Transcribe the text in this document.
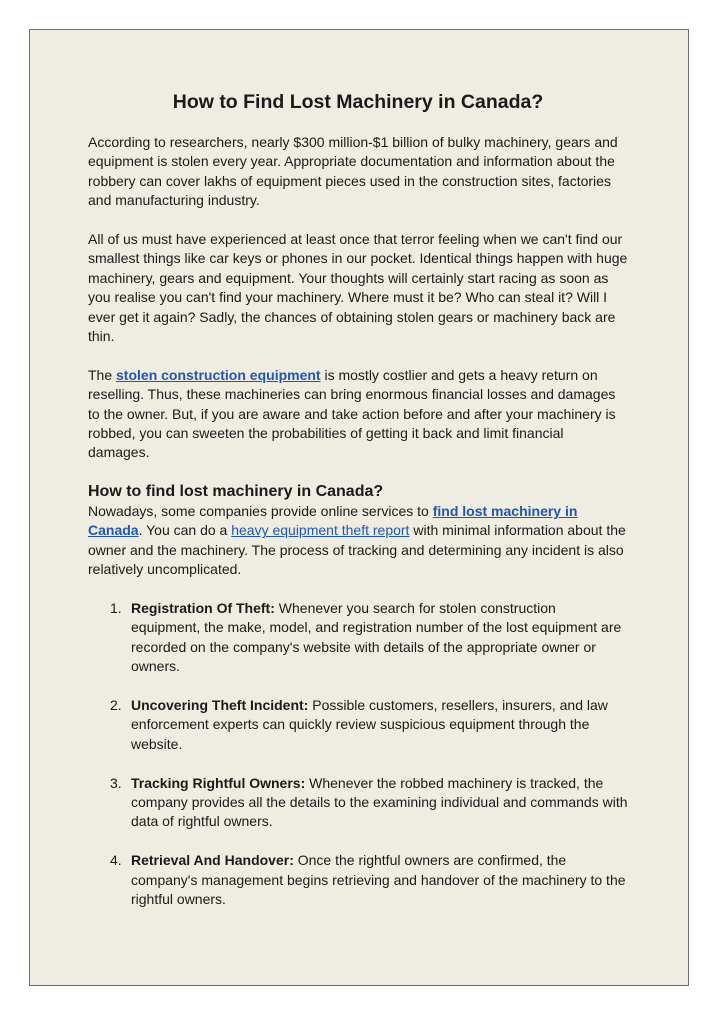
How to Find Lost Machinery in Canada?

According to researchers, nearly $300 million-$1 billion of bulky machinery, gears and equipment is stolen every year. Appropriate documentation and information about the robbery can cover lakhs of equipment pieces used in the construction sites, factories and manufacturing industry.

All of us must have experienced at least once that terror feeling when we can't find our smallest things like car keys or phones in our pocket. Identical things happen with huge machinery, gears and equipment. Your thoughts will certainly start racing as soon as you realise you can't find your machinery. Where must it be? Who can steal it? Will I ever get it again? Sadly, the chances of obtaining stolen gears or machinery back are thin.

The stolen construction equipment is mostly costlier and gets a heavy return on reselling. Thus, these machineries can bring enormous financial losses and damages to the owner. But, if you are aware and take action before and after your machinery is robbed, you can sweeten the probabilities of getting it back and limit financial damages.

How to find lost machinery in Canada?

Nowadays, some companies provide online services to find lost machinery in Canada. You can do a heavy equipment theft report with minimal information about the owner and the machinery. The process of tracking and determining any incident is also relatively uncomplicated.

1. Registration Of Theft: Whenever you search for stolen construction equipment, the make, model, and registration number of the lost equipment are recorded on the company's website with details of the appropriate owner or owners.
2. Uncovering Theft Incident: Possible customers, resellers, insurers, and law enforcement experts can quickly review suspicious equipment through the website.
3. Tracking Rightful Owners: Whenever the robbed machinery is tracked, the company provides all the details to the examining individual and commands with data of rightful owners.
4. Retrieval And Handover: Once the rightful owners are confirmed, the company's management begins retrieving and handover of the machinery to the rightful owners.
